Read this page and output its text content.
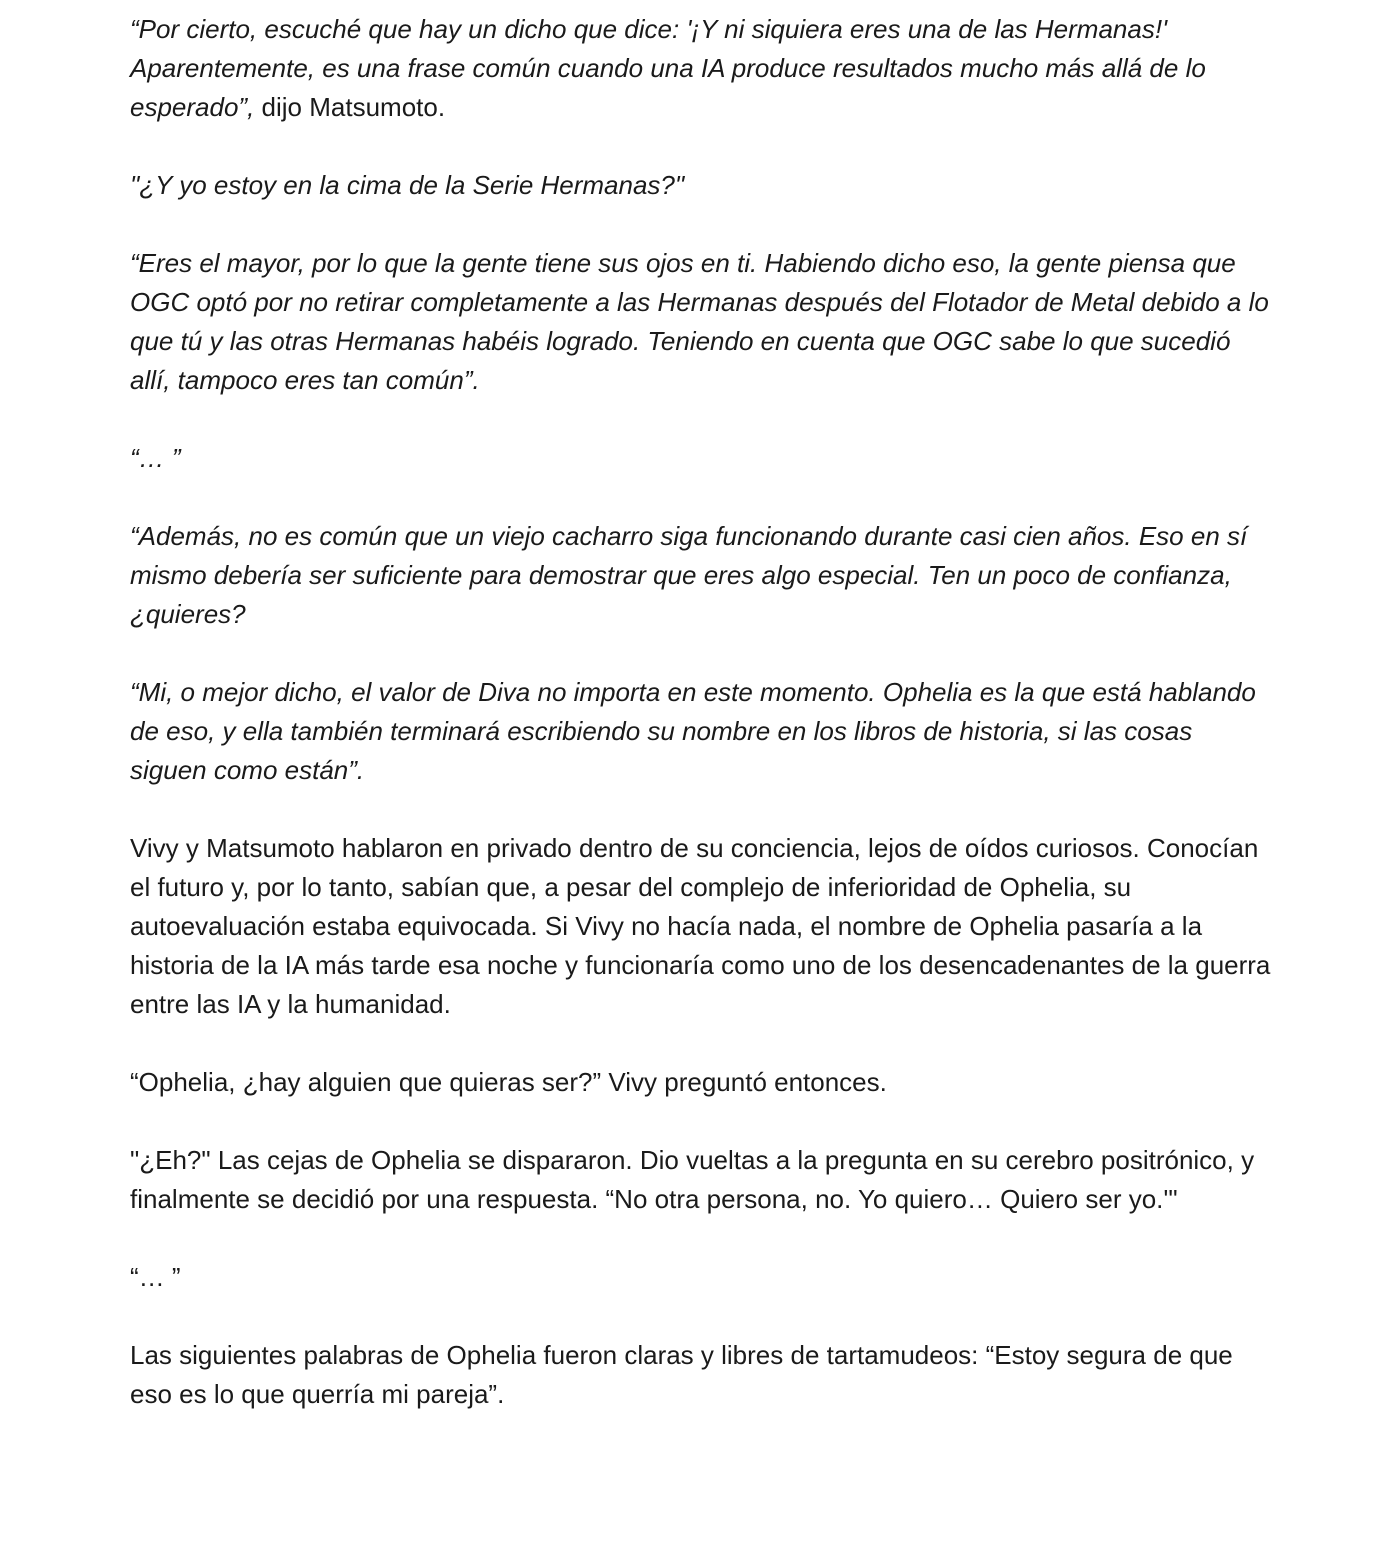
“Por cierto, escuché que hay un dicho que dice: '¡Y ni siquiera eres una de las Hermanas!' Aparentemente, es una frase común cuando una IA produce resultados mucho más allá de lo esperado”, dijo Matsumoto.

"¿Y yo estoy en la cima de la Serie Hermanas?"

“Eres el mayor, por lo que la gente tiene sus ojos en ti. Habiendo dicho eso, la gente piensa que OGC optó por no retirar completamente a las Hermanas después del Flotador de Metal debido a lo que tú y las otras Hermanas habéis logrado. Teniendo en cuenta que OGC sabe lo que sucedió allí, tampoco eres tan común”.

“… ”

“Además, no es común que un viejo cacharro siga funcionando durante casi cien años. Eso en sí mismo debería ser suficiente para demostrar que eres algo especial. Ten un poco de confianza, ¿quieres?

“Mi, o mejor dicho, el valor de Diva no importa en este momento. Ophelia es la que está hablando de eso, y ella también terminará escribiendo su nombre en los libros de historia, si las cosas siguen como están”.

Vivy y Matsumoto hablaron en privado dentro de su conciencia, lejos de oídos curiosos. Conocían el futuro y, por lo tanto, sabían que, a pesar del complejo de inferioridad de Ophelia, su autoevaluación estaba equivocada. Si Vivy no hacía nada, el nombre de Ophelia pasaría a la historia de la IA más tarde esa noche y funcionaría como uno de los desencadenantes de la guerra entre las IA y la humanidad.

“Ophelia, ¿hay alguien que quieras ser?” Vivy preguntó entonces.

"¿Eh?" Las cejas de Ophelia se dispararon. Dio vueltas a la pregunta en su cerebro positrónico, y finalmente se decidió por una respuesta. “No otra persona, no. Yo quiero… Quiero ser yo.'"

“… ”

Las siguientes palabras de Ophelia fueron claras y libres de tartamudeos: “Estoy segura de que eso es lo que querría mi pareja”.
